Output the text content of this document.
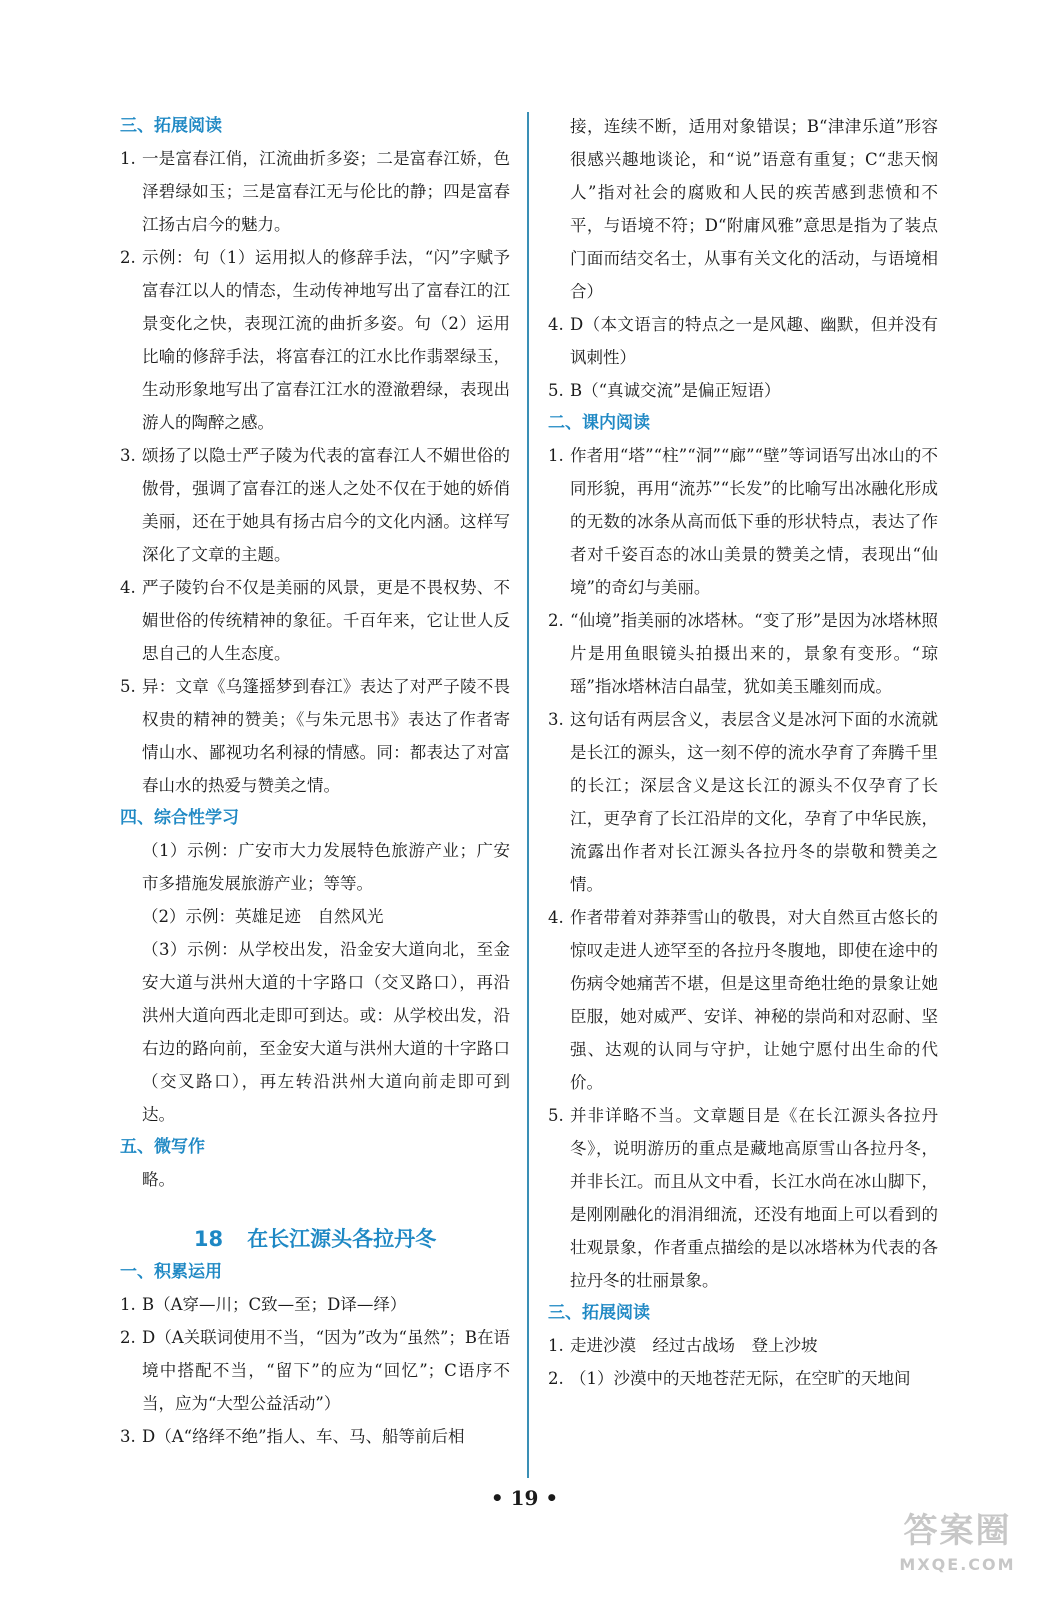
三、拓展阅读
1. 一是富春江俏，江流曲折多姿；二是富春江娇，色泽碧绿如玉；三是富春江无与伦比的静；四是富春江扬古启今的魅力。
2. 示例：句（1）运用拟人的修辞手法，“闪”字赋予富春江以人的情态，生动传神地写出了富春江的江景变化之快，表现江流的曲折多姿。句（2）运用比喻的修辞手法，将富春江的江水比作翡翠绿玉，生动形象地写出了富春江江水的澄澈碧绿，表现出游人的陶醉之感。
3. 颂扬了以隐士严子陵为代表的富春江人不媚世俗的傲骨，强调了富春江的迷人之处不仅在于她的娇俏美丽，还在于她具有扬古启今的文化内涵。这样写深化了文章的主题。
4. 严子陵钓台不仅是美丽的风景，更是不畏权势、不媚世俗的传统精神的象征。千百年来，它让世人反思自己的人生态度。
5. 异：文章《乌篷摇梦到春江》表达了对严子陵不畏权贵的精神的赞美；《与朱元思书》表达了作者寄情山水、鄙视功名利禄的情感。同：都表达了对富春山水的热爱与赞美之情。
四、综合性学习
（1）示例：广安市大力发展特色旅游产业；广安市多措施发展旅游产业；等等。
（2）示例：英雄足迹　自然风光
（3）示例：从学校出发，沿金安大道向北，至金安大道与洪州大道的十字路口（交叉路口），再沿洪州大道向西北走即可到达。或：从学校出发，沿右边的路向前，至金安大道与洪州大道的十字路口（交叉路口），再左转沿洪州大道向前走即可到达。
五、微写作
略。
18 在长江源头各拉丹冬
一、积累运用
1. B（A穿—川；C致—至；D译—绎）
2. D（A关联词使用不当，“因为”改为“虽然”；B在语境中搭配不当，“留下”的应为“回忆”；C语序不当，应为“大型公益活动”）
3. D（A“络绎不绝”指人、车、马、船等前后相
接，连续不断，适用对象错误；B“津津乐道”形容很感兴趣地谈论，和“说”语意有重复；C“悲天悯人”指对社会的腐败和人民的疾苦感到悲愤和不平，与语境不符；D“附庸风雅”意思是指为了装点门面而结交名士，从事有关文化的活动，与语境相合）
4. D（本文语言的特点之一是风趣、幽默，但并没有讽刺性）
5. B（“真诚交流”是偏正短语）
二、课内阅读
1. 作者用“塔”“柱”“洞”“廊”“壁”等词语写出冰山的不同形貌，再用“流苏”“长发”的比喻写出冰融化形成的无数的冰条从高而低下垂的形状特点，表达了作者对千姿百态的冰山美景的赞美之情，表现出“仙境”的奇幻与美丽。
2. “仙境”指美丽的冰塔林。“变了形”是因为冰塔林照片是用鱼眼镜头拍摄出来的，景象有变形。“琼瑶”指冰塔林洁白晶莹，犹如美玉雕刻而成。
3. 这句话有两层含义，表层含义是冰河下面的水流就是长江的源头，这一刻不停的流水孕育了奔腾千里的长江；深层含义是这长江的源头不仅孕育了长江，更孕育了长江沿岸的文化，孕育了中华民族，流露出作者对长江源头各拉丹冬的崇敬和赞美之情。
4. 作者带着对莽莽雪山的敬畏，对大自然亘古悠长的惊叹走进人迹罕至的各拉丹冬腹地，即使在途中的伤病令她痛苦不堪，但是这里奇绝壮绝的景象让她臣服，她对威严、安详、神秘的崇尚和对忍耐、坚强、达观的认同与守护，让她宁愿付出生命的代价。
5. 并非详略不当。文章题目是《在长江源头各拉丹冬》，说明游历的重点是藏地高原雪山各拉丹冬，并非长江。而且从文中看，长江水尚在冰山脚下，是刚刚融化的涓涓细流，还没有地面上可以看到的壮观景象，作者重点描绘的是以冰塔林为代表的各拉丹冬的壮丽景象。
三、拓展阅读
1. 走进沙漠　经过古战场　登上沙坡
2. （1）沙漠中的天地苍茫无际，在空旷的天地间
• 19 •
答案圈
MXQE.COM
